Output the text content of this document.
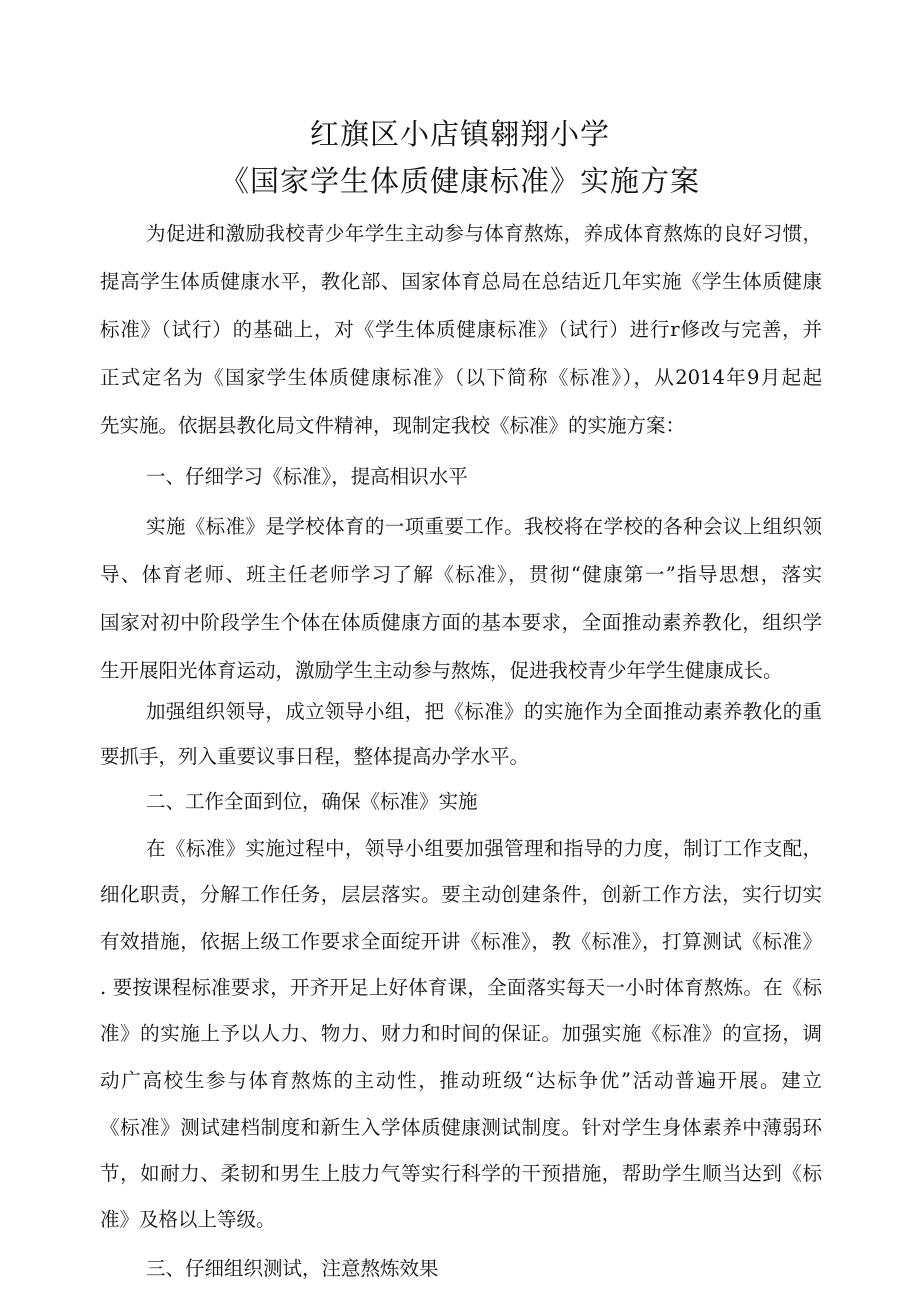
红旗区小店镇翱翔小学
《国家学生体质健康标准》实施方案
为促进和激励我校青少年学生主动参与体育熬炼，养成体育熬炼的良好习惯，
提高学生体质健康水平，教化部、国家体育总局在总结近几年实施《学生体质健康
标准》（试行）的基础上，对《学生体质健康标准》（试行）进行r修改与完善，并
正式定名为《国家学生体质健康标准》（以下简称《标准》），从2014年9月起起
先实施。依据县教化局文件精神，现制定我校《标准》的实施方案：
一、仔细学习《标准》，提高相识水平
实施《标准》是学校体育的一项重要工作。我校将在学校的各种会议上组织领
导、体育老师、班主任老师学习了解《标准》，贯彻“健康第一”指导思想，落实
国家对初中阶段学生个体在体质健康方面的基本要求，全面推动素养教化，组织学
生开展阳光体育运动，激励学生主动参与熬炼，促进我校青少年学生健康成长。
加强组织领导，成立领导小组，把《标准》的实施作为全面推动素养教化的重
要抓手，列入重要议事日程，整体提高办学水平。
二、工作全面到位，确保《标准》实施
在《标准》实施过程中，领导小组要加强管理和指导的力度，制订工作支配，
细化职责，分解工作任务，层层落实。要主动创建条件，创新工作方法，实行切实
有效措施，依据上级工作要求全面绽开讲《标准》，教《标准》，打算测试《标准》
. 要按课程标准要求，开齐开足上好体育课，全面落实每天一小时体育熬炼。在《标
准》的实施上予以人力、物力、财力和时间的保证。加强实施《标准》的宣扬，调
动广高校生参与体育熬炼的主动性，推动班级“达标争优”活动普遍开展。建立
《标准》测试建档制度和新生入学体质健康测试制度。针对学生身体素养中薄弱环
节，如耐力、柔韧和男生上肢力气等实行科学的干预措施，帮助学生顺当达到《标
准》及格以上等级。
三、仔细组织测试，注意熬炼效果
